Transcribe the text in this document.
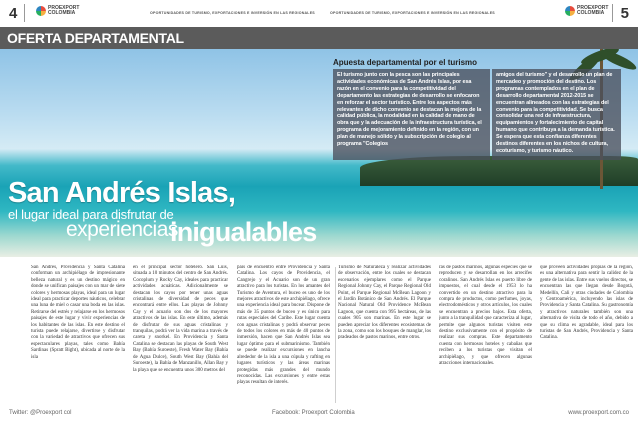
4	PROEXPORT
COLOMBIA	OPORTUNIDADES DE TURISMO, EXPORTACIONES E INVERSIÓN EN LAS REGIONALES	OPORTUNIDADES DE TURISMO, EXPORTACIONES E INVERSIÓN EN LAS REGIONALES
PROEXPORT
COLOMBIA 5
OFERTA DEPARTAMENTAL
San Andrés Islas,
el lugar ideal para disfrutar de
experiencias
inigualables
Apuesta departamental por el turismo
El turismo junto con la pesca son las principales actividades económicas de San Andrés Islas, por esa razón en el convenio para la competitividad del departamento las estrategias de desarrollo se enfocaron en reforzar el sector turístico. Entre los aspectos más relevantes de dicho convenio se destacan la mejora de la calidad pública, la modalidad en la calidad de mano de obra que y la adecuación de la infraestructura turística, el programa de mejoramiento definido en la región, con un plan de manejo sólido y la subscripción de colegio al programa "Colegios
amigos del turismo" y el desarrollo un plan de mercadeo y promoción del destino. Los programas contemplados en el plan de desarrollo departamental 2012-2015 se encuentran alineados con las estrategias del convenio para la competitividad. Se busca consolidar una red de infraestructura, equipamientos y fortalecimiento de capital humano que contribuya a la demanda turística. Se espera que esta confianza diferentes destinos diferentes en los nichos de cultura, ecoturismo, y turismo náutico.
San Andrés, Providencia y Santa Catalina conforman un archipiélago de impresionante belleza natural y es un destino mágico en donde se unifican paisajes con un mar de siete colores y hermosas playas, ideal para un lugar ideal para practicar deportes náuticos, celebrar una luna de miel o casar una boda en las islas. Retirarse del estrés y relajarse en los hermosos paisajes de este lugar y vivir experiencias de los habitantes de las islas. En este destino el turista puede relajarse, divertirse y disfrutar con la variedad de atractivos que ofrecen sus espectaculares playas, tales como Bahía Sardinas (Spratt Bight), ubicada al norte de la isla
en el principal sector hotelero. San Luis, situada a 10 minutos del centro de San Andrés. Cocoplum y Rocky Cay, ideales para practicar actividades acuáticas. Adicionalmente se destacan los cayos por tener unas aguas cristalinas de diversidad de peces que encontrará entre ellos. Las playas de Johnny Cay y el acuario son dos de los mayores atractivos de las islas. En este último, además de disfrutar de sus aguas cristalinas y tranquilas, podrá ver la vida marina a través de careta y snorkel. En Providencia y Santa Catalina se destacan las playas de South West Bay (Bahía Suroeste), Fresh Water Bay (Bahía de Agua Dulce), South West Bay (Bahía del Suroeste), la Bahía de Manzanillo, Allan Bay y la playa que se encuentra unos 300 metros del
país de encuentro entre Providencia y Santa Catalina. Los cayos de Providencia, el Cangrejo y el Acuario son de un gran atractivo para los turistas. En los amantes del Turismo de Aventura, el buceo es uno de los mejores atractivos de este archipiélago, ofrece una experiencia ideal para bucear. Dispone de más de 35 puntos de buceo y es único para rutas especiales del Caribe. Este lugar cuenta con aguas cristalinas y podrá observar peces de todos los colores en más de 40 puntos de inmersión, hacen que San Andrés Islas sea lugar óptimo para el submarinismo. También se puede realizar excursiones en lancha alrededor de la isla a una cúpula y rafting en lugares turísticos y las áreas marinas protegidas más grandes del mundo reconocidas. Las excursiones y entre estas playas resultan de interés.
Turismo de Naturaleza y realizar actividades de observación, entre los cuales se destacan escenarios ejemplares como el Parque Regional Johnny Cay, el Parque Regional Old Point, el Parque Regional McBean Lagoon y el Jardín Botánico de San Andrés. El Parque Nacional Natural Old Providence McBean Lagoon, que cuenta con 995 hectáreas, de las cuales 905 son marinas. En este lugar se pueden apreciar los diferentes ecosistemas de la zona, como son los bosques de manglar, los pradeados de pastos marinos, entre otros.
ras de pastos marinos, algunas especies que se reproducen y se desarrollan en los arrecifes coralinos. San Andrés Islas es puerto libre de impuestos, el cual desde el 1953 lo ha convertido en un destino atractivo para la compra de productos, como perfumes, joyas, electrodomésticos y otros artículos, los cuales se encuentran a precios bajos. Esta oferta, junto a la tranquilidad que caracteriza al lugar, permite que algunos turistas visiten este destino exclusivamente con el propósito de realizar sus compras. Este departamento cuenta con hermosos hoteles y cabañas que reciben a los turistas que visitan el archipiélago, y que ofrecen algunas atracciones internacionales.
que proveen actividades propias de la región, es una alternativa para sentir la calidez de la gente de las islas. Entre sus vuelos directos, se encuentran las que llegan desde Bogotá, Medellín, Cali y otras ciudades de Colombia y Centroamérica, incluyendo las islas de Providencia y Santa Catalina. Su gastronomía y atractivos naturales también son una alternativa de visita de todo el año, debido a que su clima es agradable, ideal para los turistas de San Andrés, Providencia y Santa Catalina.
Twitter: @Proexport col	Facebook: Proexport Colombia	www.proexport.com.co
